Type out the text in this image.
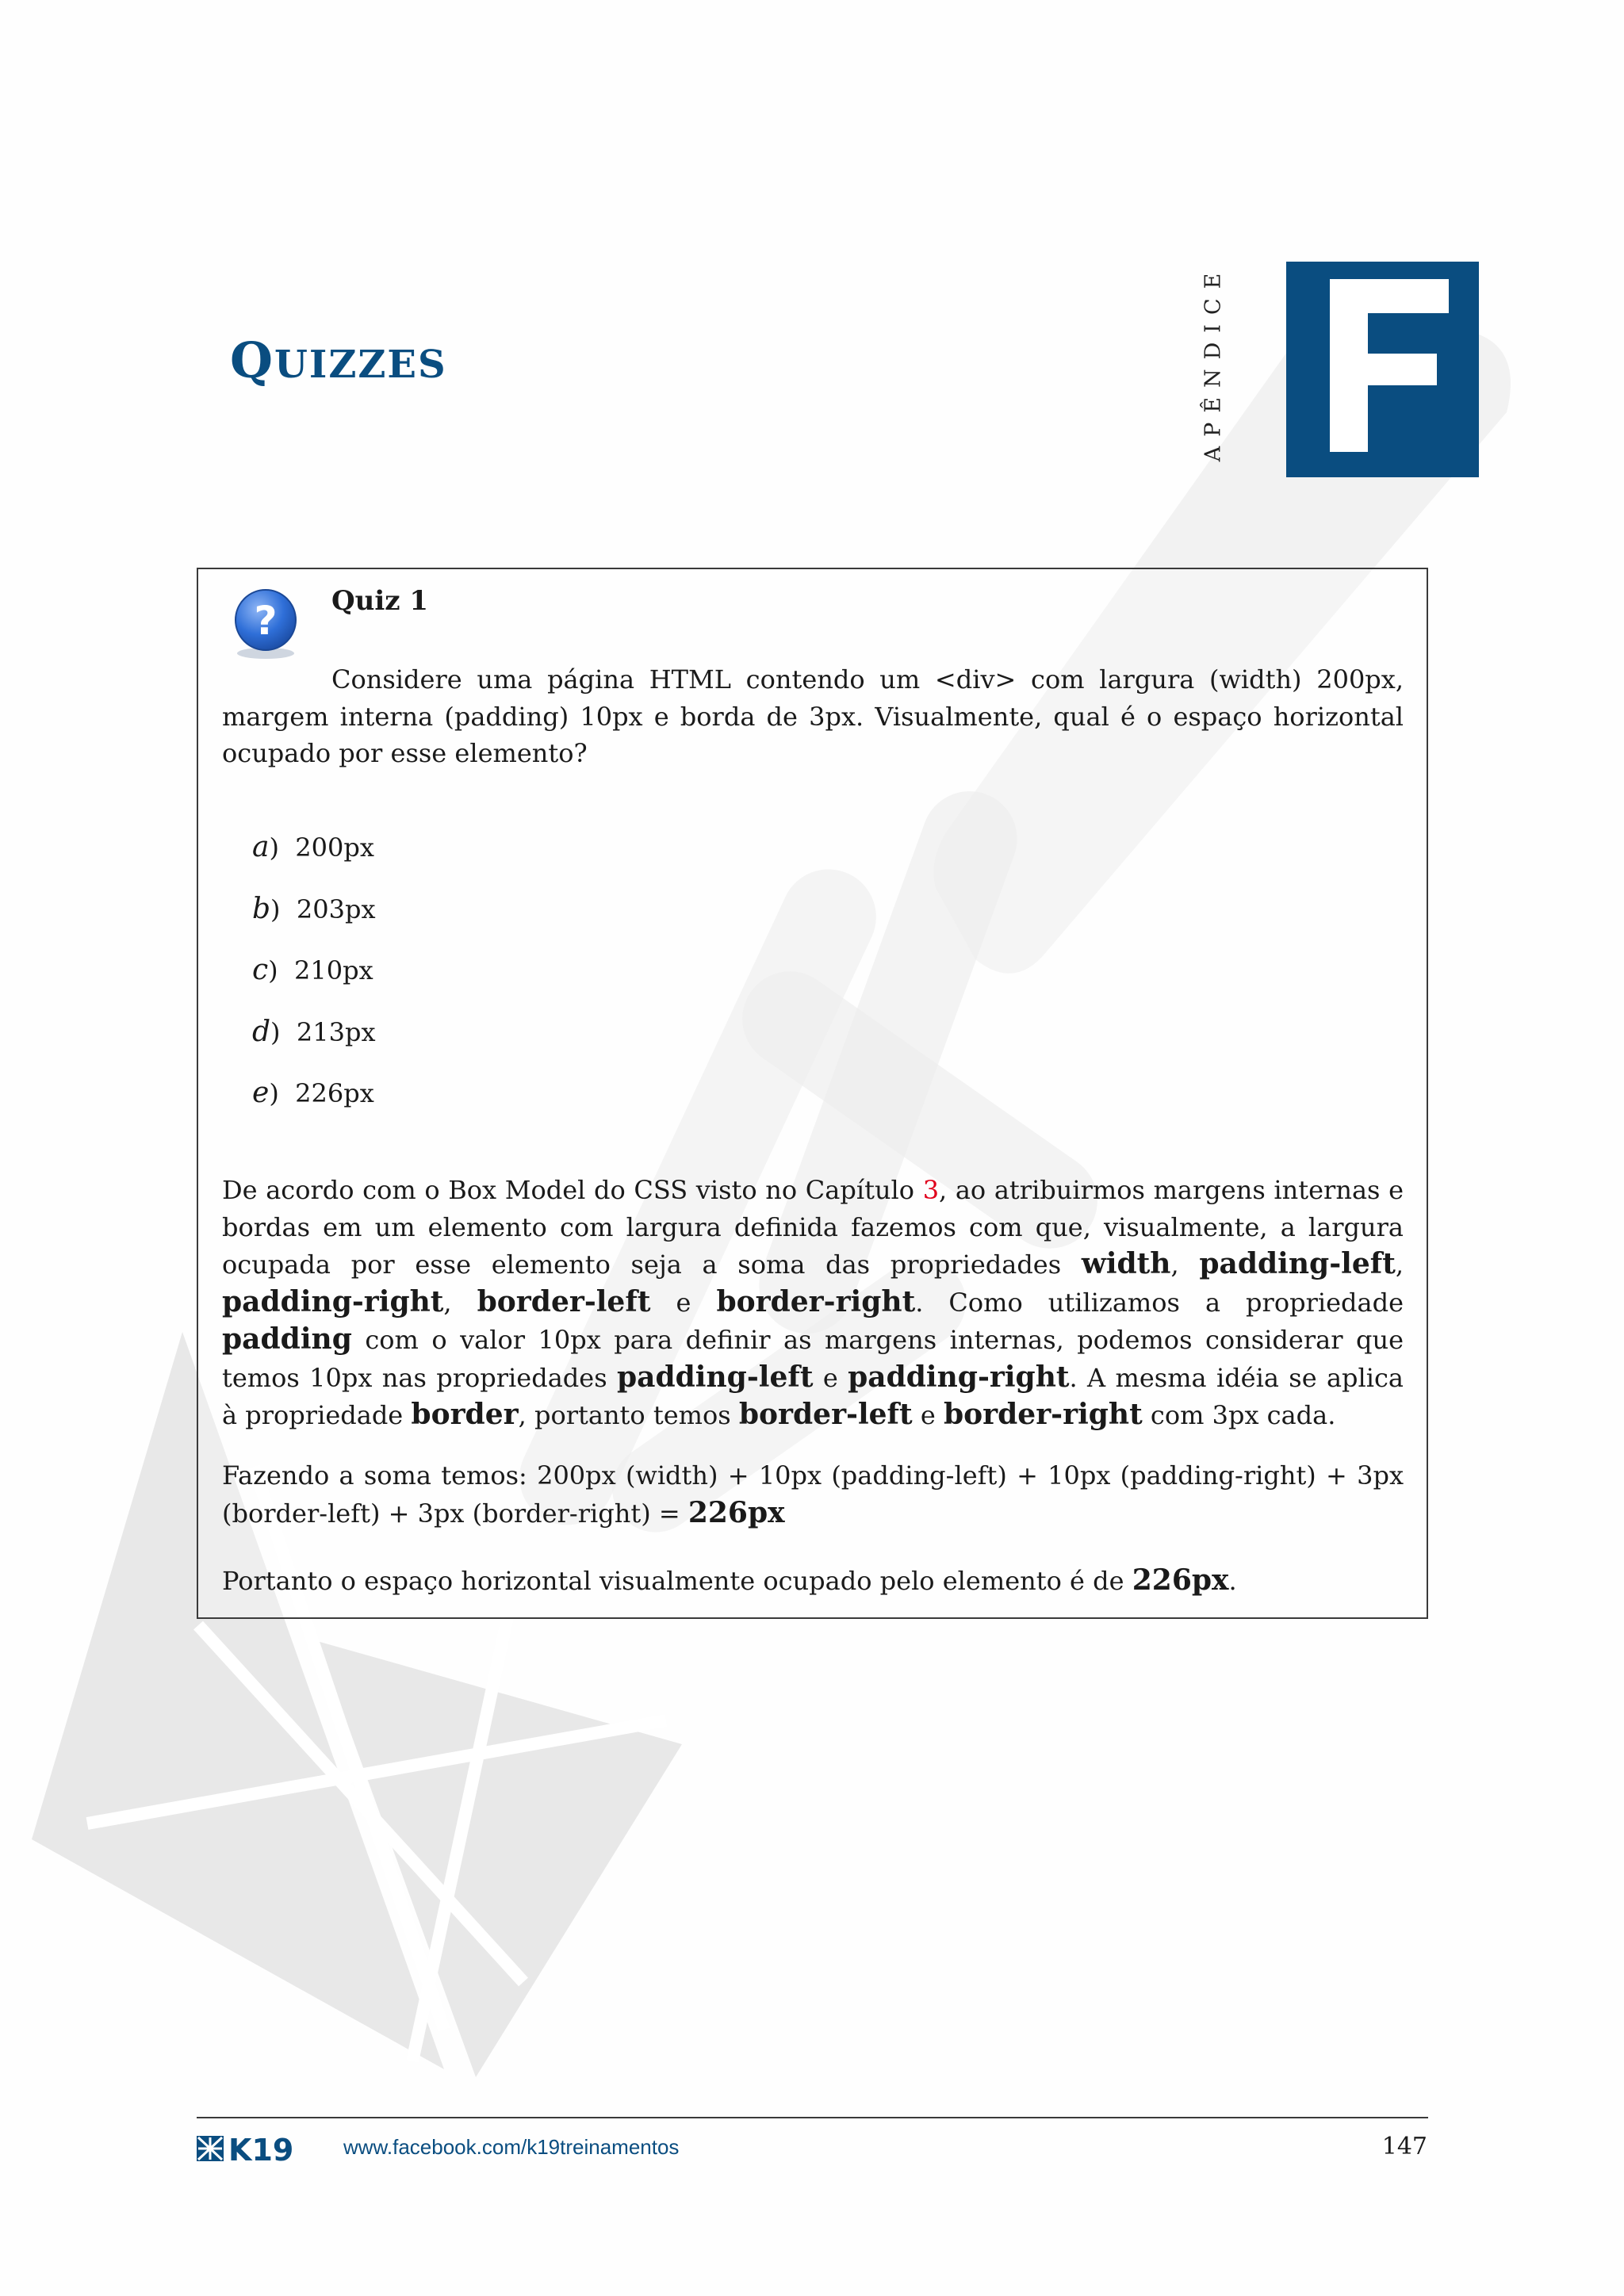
QUIZZES	APÊNDICE
? Quiz 1
Considere uma página HTML contendo um <div> com largura (width) 200px, margem interna (padding) 10px e borda de 3px. Visualmente, qual é o espaço horizontal ocupado por esse elemento?
a)  200px
b)  203px
c)  210px
d)  213px
e)  226px
De acordo com o Box Model do CSS visto no Capítulo 3, ao atribuirmos margens internas e bordas em um elemento com largura definida fazemos com que, visualmente, a largura ocupada por esse elemento seja a soma das propriedades width, padding-left, padding-right, border-left e border-right. Como utilizamos a propriedade padding com o valor 10px para definir as margens internas, podemos considerar que temos 10px nas propriedades padding-left e padding-right. A mesma idéia se aplica à propriedade border, portanto temos border-left e border-right com 3px cada.
Fazendo a soma temos: 200px (width) + 10px (padding-left) + 10px (padding-right) + 3px (border-left) + 3px (border-right) = 226px
Portanto o espaço horizontal visualmente ocupado pelo elemento é de 226px.
K19 www.facebook.com/k19treinamentos	147
